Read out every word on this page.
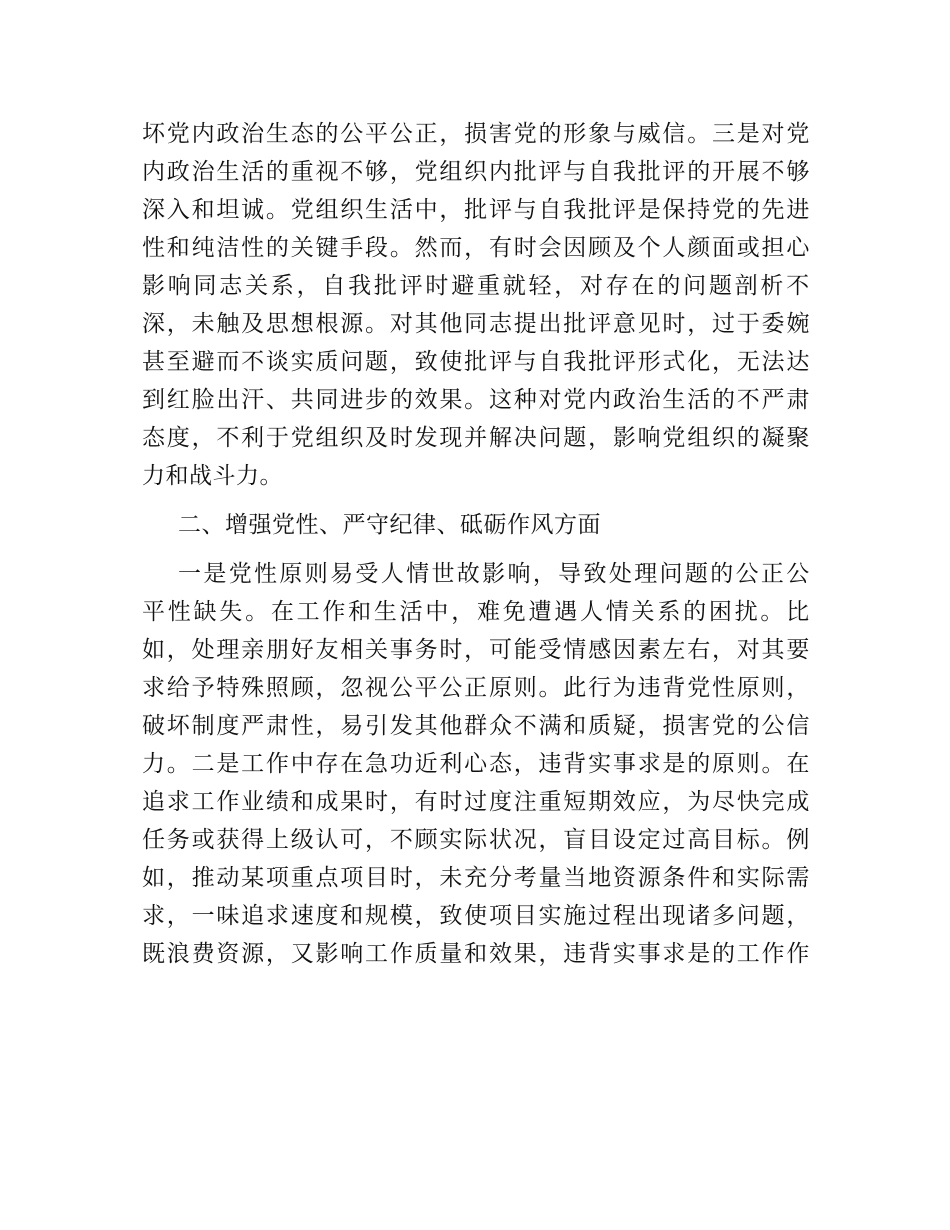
坏 党 内 政 治 生 态 的 公 平 公 正 ， 损 害 党 的 形 象 与 威 信 。 三 是 对 党
内 政 治 生 活 的 重 视 不 够 ， 党 组 织 内 批 评 与 自 我 批 评 的 开 展 不 够
深 入 和 坦 诚 。 党 组 织 生 活 中 ， 批 评 与 自 我 批 评 是 保 持 党 的 先 进
性 和 纯 洁 性 的 关 键 手 段 。 然 而 ， 有 时 会 因 顾 及 个 人 颜 面 或 担 心
影 响 同 志 关 系 ， 自 我 批 评 时 避 重 就 轻 ， 对 存 在 的 问 题 剖 析 不
深 ， 未 触 及 思 想 根 源 。 对 其 他 同 志 提 出 批 评 意 见 时 ， 过 于 委 婉
甚 至 避 而 不 谈 实 质 问 题 ， 致 使 批 评 与 自 我 批 评 形 式 化 ， 无 法 达
到 红 脸 出 汗 、 共 同 进 步 的 效 果 。 这 种 对 党 内 政 治 生 活 的 不 严 肃
态 度 ， 不 利 于 党 组 织 及 时 发 现 并 解 决 问 题 ， 影 响 党 组 织 的 凝 聚
力和战斗力。
二、增强党性、严守纪律、砥砺作风方面
一 是 党 性 原 则 易 受 人 情 世 故 影 响 ， 导 致 处 理 问 题 的 公 正 公
平 性 缺 失 。 在 工 作 和 生 活 中 ， 难 免 遭 遇 人 情 关 系 的 困 扰 。 比
如 ， 处 理 亲 朋 好 友 相 关 事 务 时 ， 可 能 受 情 感 因 素 左 右 ， 对 其 要
求 给 予 特 殊 照 顾 ， 忽 视 公 平 公 正 原 则 。 此 行 为 违 背 党 性 原 则 ，
破 坏 制 度 严 肃 性 ， 易 引 发 其 他 群 众 不 满 和 质 疑 ， 损 害 党 的 公 信
力 。 二 是 工 作 中 存 在 急 功 近 利 心 态 ， 违 背 实 事 求 是 的 原 则 。 在
追 求 工 作 业 绩 和 成 果 时 ， 有 时 过 度 注 重 短 期 效 应 ， 为 尽 快 完 成
任 务 或 获 得 上 级 认 可 ， 不 顾 实 际 状 况 ， 盲 目 设 定 过 高 目 标 。 例
如 ， 推 动 某 项 重 点 项 目 时 ， 未 充 分 考 量 当 地 资 源 条 件 和 实 际 需
求 ， 一 味 追 求 速 度 和 规 模 ， 致 使 项 目 实 施 过 程 出 现 诸 多 问 题 ，
既 浪 费 资 源 ， 又 影 响 工 作 质 量 和 效 果 ， 违 背 实 事 求 是 的 工 作 作
